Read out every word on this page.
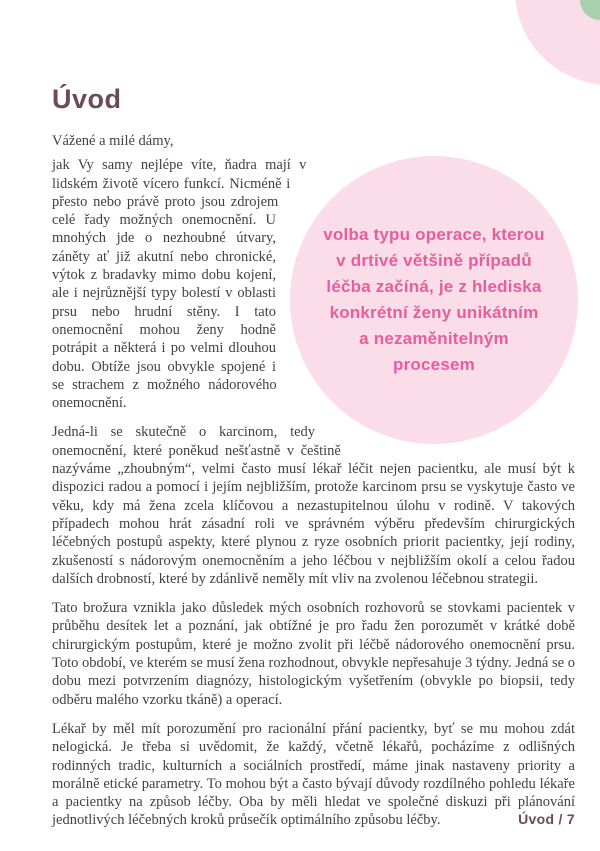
Úvod
volba typu operace, kterou
v drtivé většině případů
léčba začíná, je z hlediska
konkrétní ženy unikátním
a nezaměnitelným
procesem

Vážené a milé dámy,

jak Vy samy nejlépe víte, ňadra mají v lidském životě vícero funkcí. Nicméně i přesto nebo právě proto jsou zdrojem celé řady možných onemocnění. U mnohých jde o nezhoubné útvary, záněty ať již akutní nebo chronické, výtok z bradavky mimo dobu kojení, ale i nejrůznější typy bolestí v oblasti prsu nebo hrudní stěny. I tato onemocnění mohou ženy hodně potrápit a některá i po velmi dlouhou dobu. Obtíže jsou obvykle spojené i se strachem z možného nádorového onemocnění.

Jedná-li se skutečně o karcinom, tedy onemocnění, které poněkud nešťastně v češtině nazýváme „zhoubným“, velmi často musí lékař léčit nejen pacientku, ale musí být k dispozici radou a pomocí i jejím nejbližším, protože karcinom prsu se vyskytuje často ve věku, kdy má žena zcela klíčovou a nezastupitelnou úlohu v rodině. V takových případech mohou hrát zásadní roli ve správném výběru především chirurgických léčebných postupů aspekty, které plynou z ryze osobních priorit pacientky, její rodiny, zkušeností s nádorovým onemocněním a jeho léčbou v nejbližším okolí a celou řadou dalších drobností, které by zdánlivě neměly mít vliv na zvolenou léčebnou strategii.

Tato brožura vznikla jako důsledek mých osobních rozhovorů se stovkami pacientek v průběhu desítek let a poznání, jak obtížné je pro řadu žen porozumět v krátké době chirurgickým postupům, které je možno zvolit při léčbě nádorového onemocnění prsu. Toto období, ve kterém se musí žena rozhodnout, obvykle nepřesahuje 3 týdny. Jedná se o dobu mezi potvrzením diagnózy, histologickým vyšetřením (obvykle po biopsii, tedy odběru malého vzorku tkáně) a operací.

Lékař by měl mít porozumění pro racionální přání pacientky, byť se mu mohou zdát nelogická. Je třeba si uvědomit, že každý, včetně lékařů, pocházíme z odlišných rodinných tradic, kulturních a sociálních prostředí, máme jinak nastaveny priority a morálně etické parametry. To mohou být a často bývají důvody rozdílného pohledu lékaře a pacientky na způsob léčby. Oba by měli hledat ve společné diskuzi při plánování jednotlivých léčebných kroků průsečík optimálního způsobu léčby.	Úvod / 7
